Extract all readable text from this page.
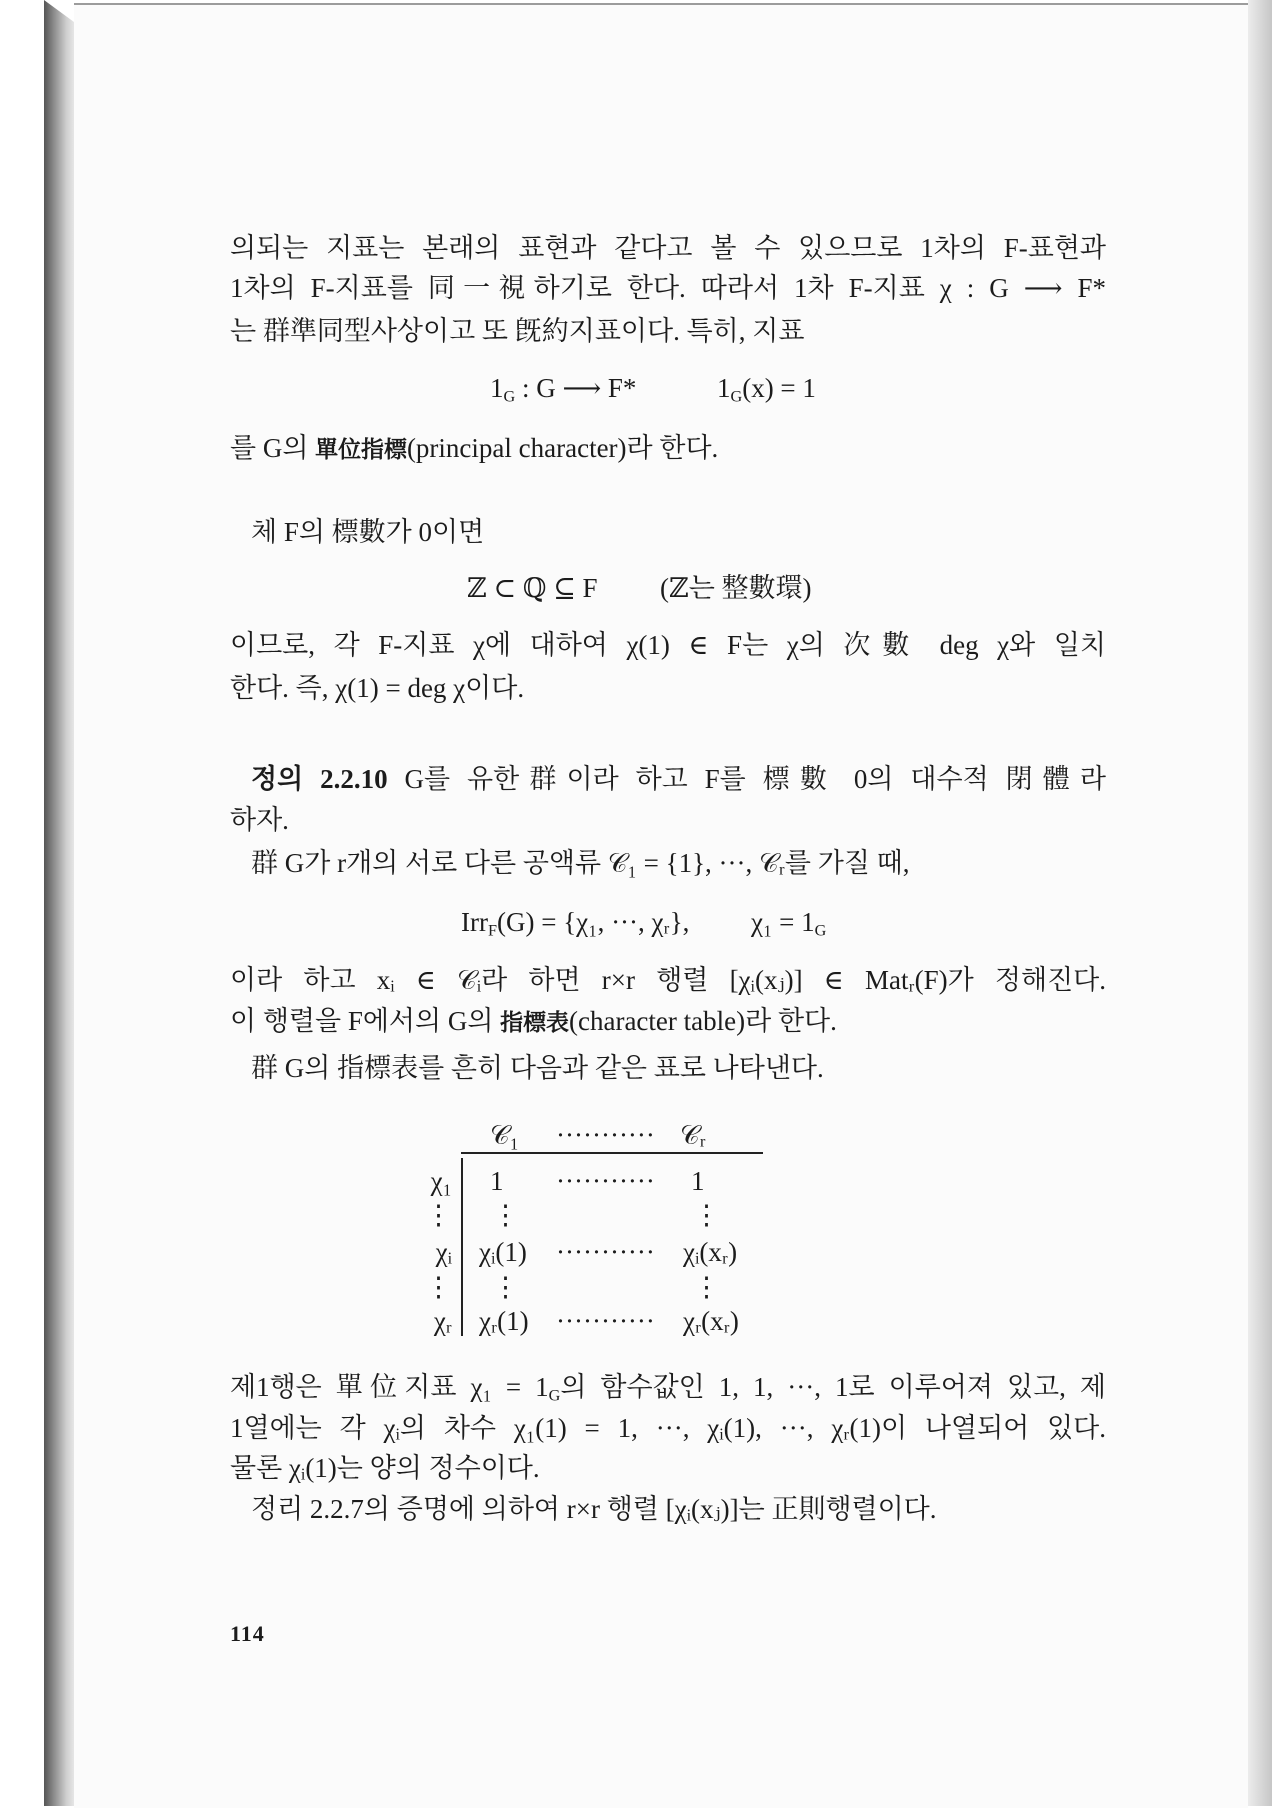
의되는 지표는 본래의 표현과 같다고 볼 수 있으므로 1차의 F-표현과
1차의 F-지표를 同一視하기로 한다. 따라서 1차 F-지표 χ : G ⟶ F*
는 群準同型사상이고 또 旣約지표이다. 특히, 지표
$1_G$ : G ⟶ F*	$1_G(x) = 1$
를 G의 單位指標(principal character)라 한다.
체 F의 標數가 0이면
ℤ ⊂ ℚ ⊆ F (ℤ는 整數環)
이므로, 각 F-지표 χ에 대하여 χ(1) ∈ F는 χ의 次數 deg χ와 일치
한다. 즉, χ(1) = deg χ이다.
정의 2.2.10 G를 유한群이라 하고 F를 標數 0의 대수적 閉體라
하자.
群 G가 r개의 서로 다른 공액류 𝒞₁ = {1}, ···, 𝒞ᵣ를 가질 때,
Irr$_F$(G) = {χ₁, ···, χᵣ}, $\chi_1 = 1_G$
이라 하고 xᵢ ∈ 𝒞ᵢ라 하면 r×r 행렬 [χᵢ(xⱼ)] ∈ Matᵣ(F)가 정해진다.
이 행렬을 F에서의 G의 指標表(character table)라 한다.
群 G의 指標表를 흔히 다음과 같은 표로 나타낸다.
𝒞₁ ··········· 𝒞ᵣ
χ₁ 1 ··········· 1
⋮ ⋮	⋮
χᵢ χᵢ(1) ··········· χᵢ(xᵣ)
⋮ ⋮	⋮
χᵣ χᵣ(1) ··········· χᵣ(xᵣ)
제1행은 單位지표 $\chi_1 = 1_G$의 함수값인 1, 1, ···, 1로 이루어져 있고, 제
1열에는 각 χᵢ의 차수 χ₁(1) = 1, ···, χᵢ(1), ···, χᵣ(1)이 나열되어 있다.
물론 χᵢ(1)는 양의 정수이다.
정리 2.2.7의 증명에 의하여 r×r 행렬 [χᵢ(xⱼ)]는 正則행렬이다.
114
